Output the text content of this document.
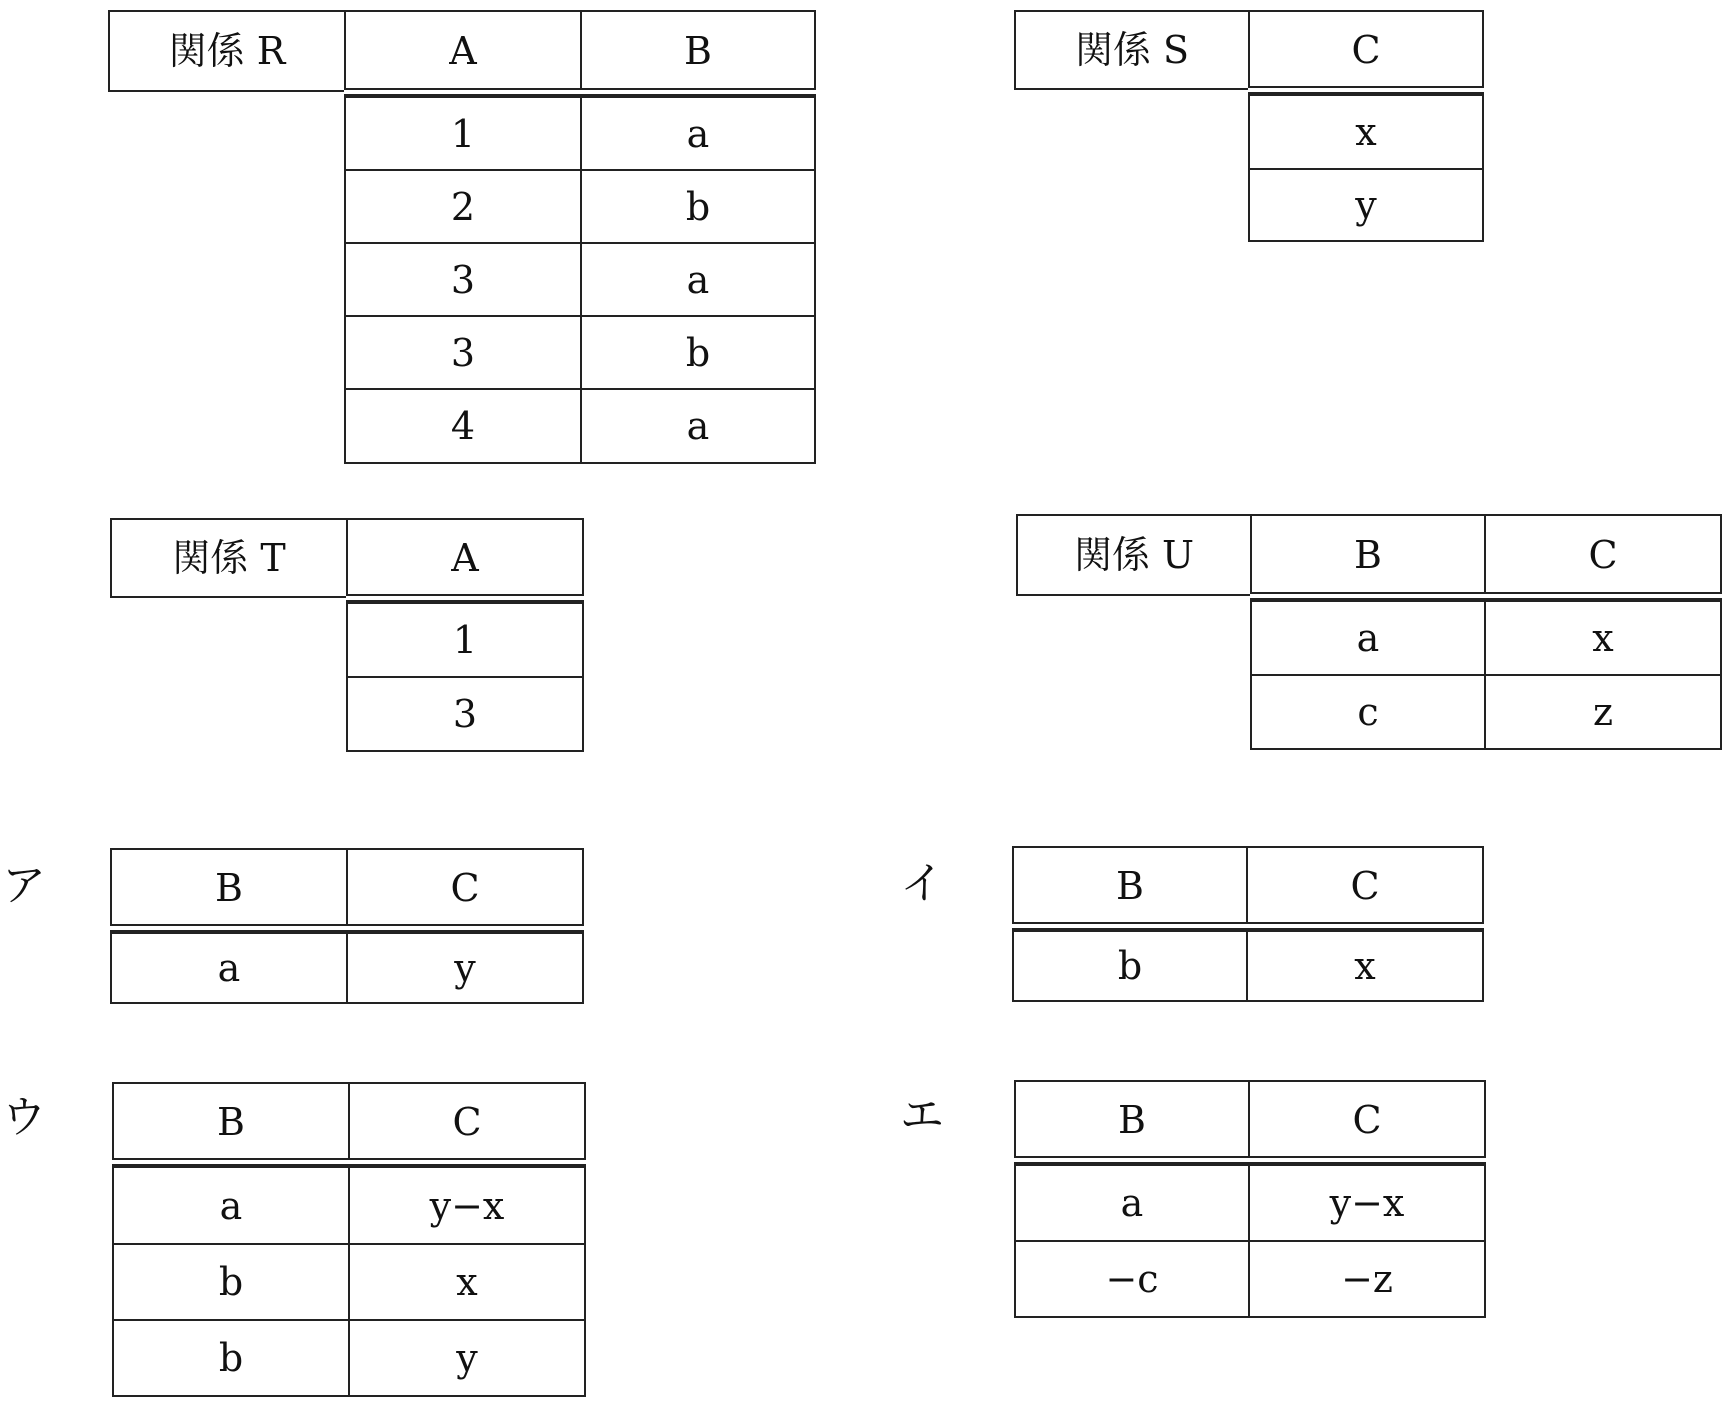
関係 R	A	B
1	a
2	b
3	a
3	b
4	a
関係 S	C
x
y
関係 T	A
1
3
関係 U	B	C
a	x
c	z
ア	B	C
a	y
イ	B	C
b	x
ウ	B	C
a	y−x
b	x
b	y
エ	B	C
a	y−x
−c	−z
